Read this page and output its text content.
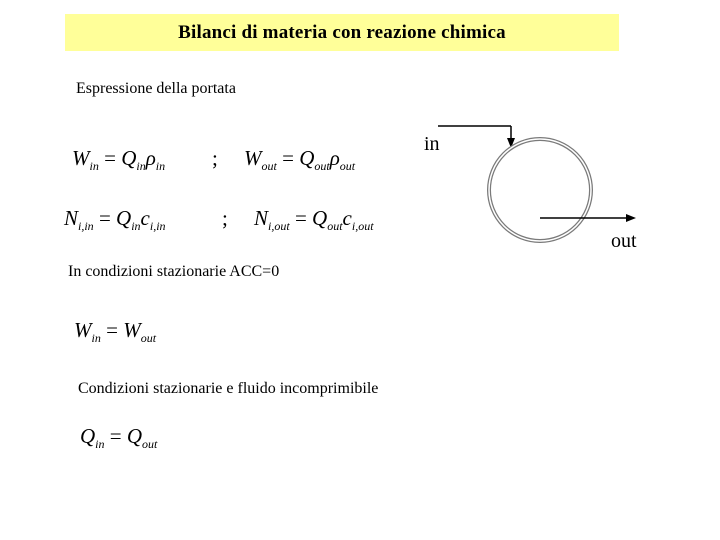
Bilanci di materia con reazione chimica
Espressione della portata
$W_{in} = Q_{in}\rho_{in}$ ; $W_{out} = Q_{out}\rho_{out}$
$N_{i,in} = Q_{in}c_{i,in}$	; $N_{i,out} = Q_{out}c_{i,out}$
in
out
In condizioni stazionarie ACC=0
$W_{in} = W_{out}$
Condizioni stazionarie e fluido incomprimibile
$Q_{in} = Q_{out}$
